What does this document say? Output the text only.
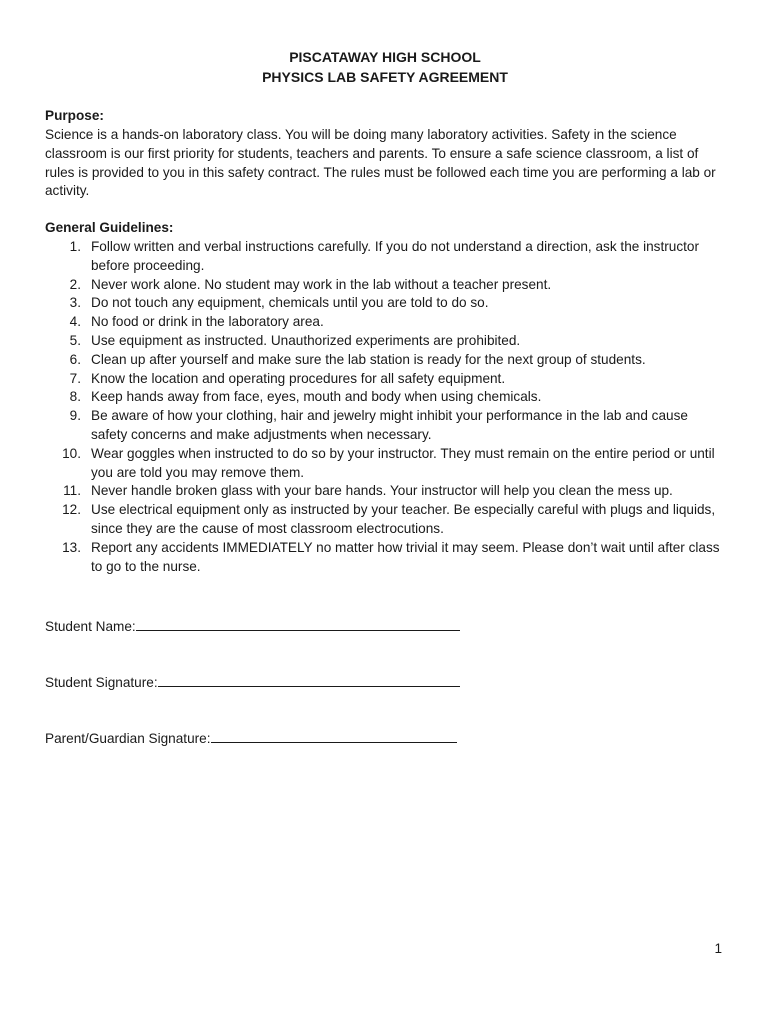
PISCATAWAY HIGH SCHOOL
PHYSICS LAB SAFETY AGREEMENT
Purpose:
Science is a hands-on laboratory class. You will be doing many laboratory activities. Safety in the science classroom is our first priority for students, teachers and parents. To ensure a safe science classroom, a list of rules is provided to you in this safety contract. The rules must be followed each time you are performing a lab or activity.
General Guidelines:
1. Follow written and verbal instructions carefully. If you do not understand a direction, ask the instructor before proceeding.
2. Never work alone. No student may work in the lab without a teacher present.
3. Do not touch any equipment, chemicals until you are told to do so.
4. No food or drink in the laboratory area.
5. Use equipment as instructed. Unauthorized experiments are prohibited.
6. Clean up after yourself and make sure the lab station is ready for the next group of students.
7. Know the location and operating procedures for all safety equipment.
8. Keep hands away from face, eyes, mouth and body when using chemicals.
9. Be aware of how your clothing, hair and jewelry might inhibit your performance in the lab and cause safety concerns and make adjustments when necessary.
10. Wear goggles when instructed to do so by your instructor. They must remain on the entire period or until you are told you may remove them.
11. Never handle broken glass with your bare hands. Your instructor will help you clean the mess up.
12. Use electrical equipment only as instructed by your teacher. Be especially careful with plugs and liquids, since they are the cause of most classroom electrocutions.
13. Report any accidents IMMEDIATELY no matter how trivial it may seem. Please don’t wait until after class to go to the nurse.
Student Name:
Student Signature:
Parent/Guardian Signature:
1
